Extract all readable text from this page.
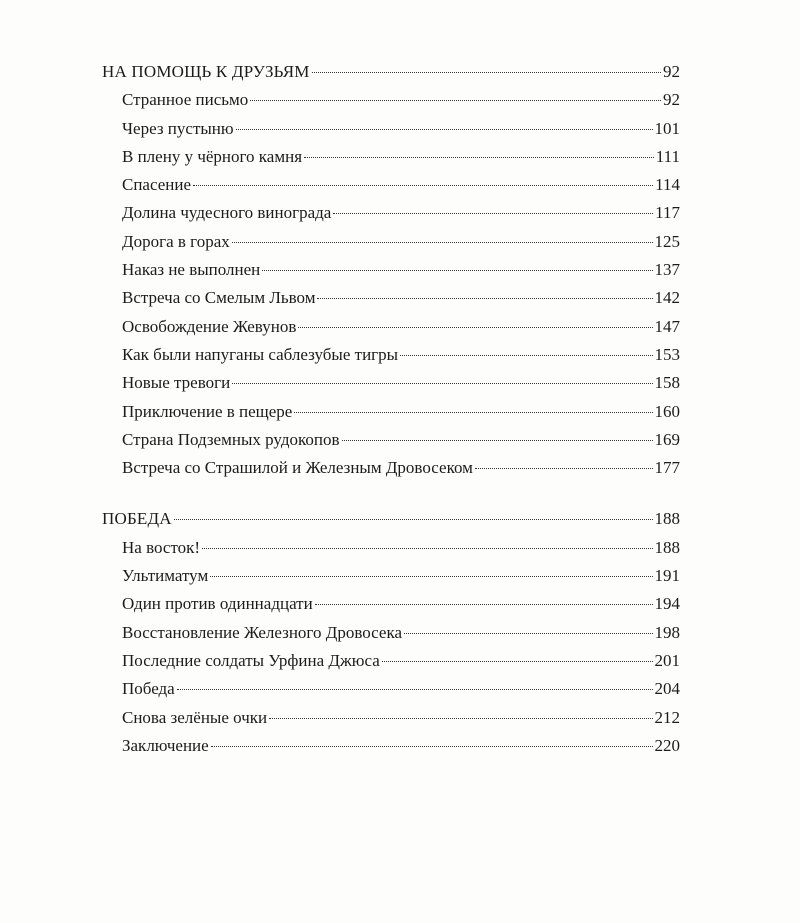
НА ПОМОЩЬ К ДРУЗЬЯМ	92
Странное письмо	92
Через пустыню	101
В плену у чёрного камня	111
Спасение	114
Долина чудесного винограда	117
Дорога в горах	125
Наказ не выполнен	137
Встреча со Смелым Львом	142
Освобождение Жевунов	147
Как были напуганы саблезубые тигры	153
Новые тревоги	158
Приключение в пещере	160
Страна Подземных рудокопов	169
Встреча со Страшилой и Железным Дровосеком	177
ПОБЕДА	188
На восток!	188
Ультиматум	191
Один против одиннадцати	194
Восстановление Железного Дровосека	198
Последние солдаты Урфина Джюса	201
Победа	204
Снова зелёные очки	212
Заключение	220
